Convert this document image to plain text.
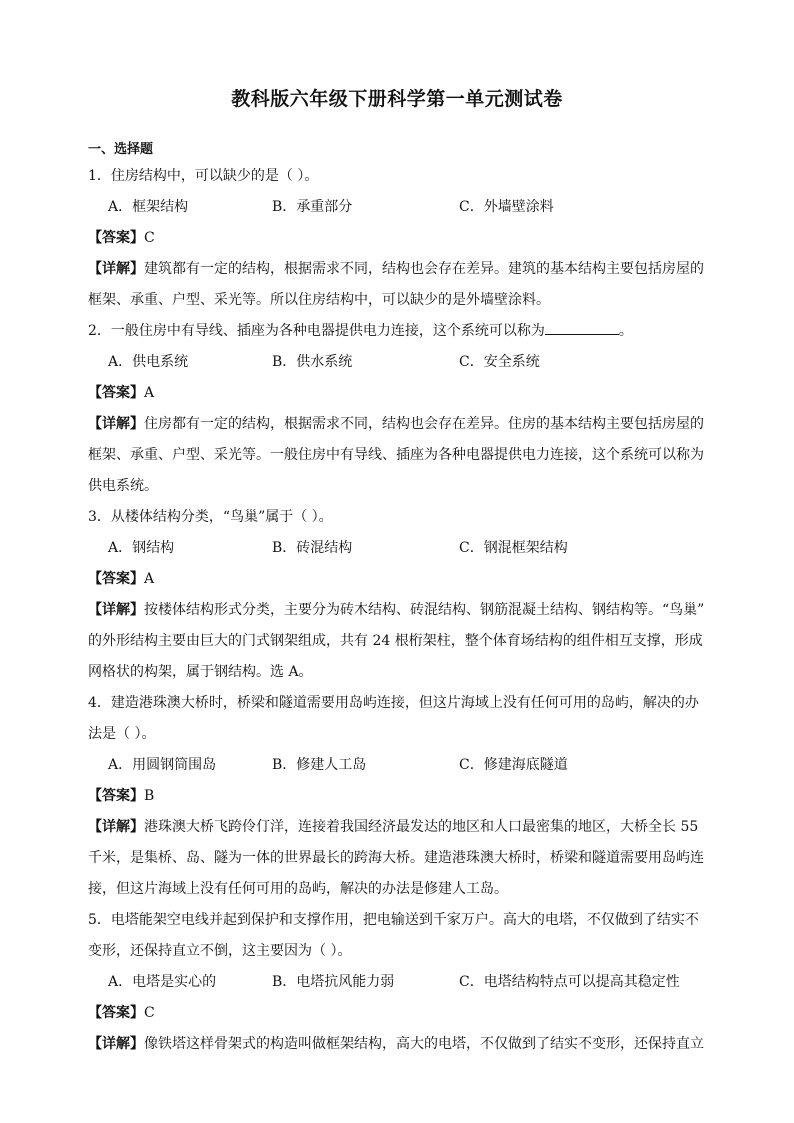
教科版六年级下册科学第一单元测试卷
一、选择题
1．住房结构中，可以缺少的是（ ）。
A．框架结构	B．承重部分	C．外墙壁涂料
【答案】C
【详解】建筑都有一定的结构，根据需求不同，结构也会存在差异。建筑的基本结构主要包括房屋的
框架、承重、户型、采光等。所以住房结构中，可以缺少的是外墙壁涂料。
2．一般住房中有导线、插座为各种电器提供电力连接，这个系统可以称为	。
A．供电系统	B．供水系统	C．安全系统
【答案】A
【详解】住房都有一定的结构，根据需求不同，结构也会存在差异。住房的基本结构主要包括房屋的
框架、承重、户型、采光等。一般住房中有导线、插座为各种电器提供电力连接，这个系统可以称为
供电系统。
3．从楼体结构分类，“鸟巢”属于（ ）。
A．钢结构	B．砖混结构	C．钢混框架结构
【答案】A
【详解】按楼体结构形式分类，主要分为砖木结构、砖混结构、钢筋混凝土结构、钢结构等。“鸟巢”
的外形结构主要由巨大的门式钢架组成，共有 24 根桁架柱，整个体育场结构的组件相互支撑，形成
网格状的构架，属于钢结构。选 A。
4．建造港珠澳大桥时，桥梁和隧道需要用岛屿连接，但这片海域上没有任何可用的岛屿，解决的办
法是（ ）。
A．用圆钢筒围岛	B．修建人工岛	C．修建海底隧道
【答案】B
【详解】港珠澳大桥飞跨伶仃洋，连接着我国经济最发达的地区和人口最密集的地区，大桥全长 55
千米，是集桥、岛、隧为一体的世界最长的跨海大桥。建造港珠澳大桥时，桥梁和隧道需要用岛屿连
接，但这片海域上没有任何可用的岛屿，解决的办法是修建人工岛。
5．电塔能架空电线并起到保护和支撑作用，把电输送到千家万户。高大的电塔，不仅做到了结实不
变形，还保持直立不倒，这主要因为（ ）。
A．电塔是实心的	B．电塔抗风能力弱	C．电塔结构特点可以提高其稳定性
【答案】C
【详解】像铁塔这样骨架式的构造叫做框架结构，高大的电塔，不仅做到了结实不变形，还保持直立
